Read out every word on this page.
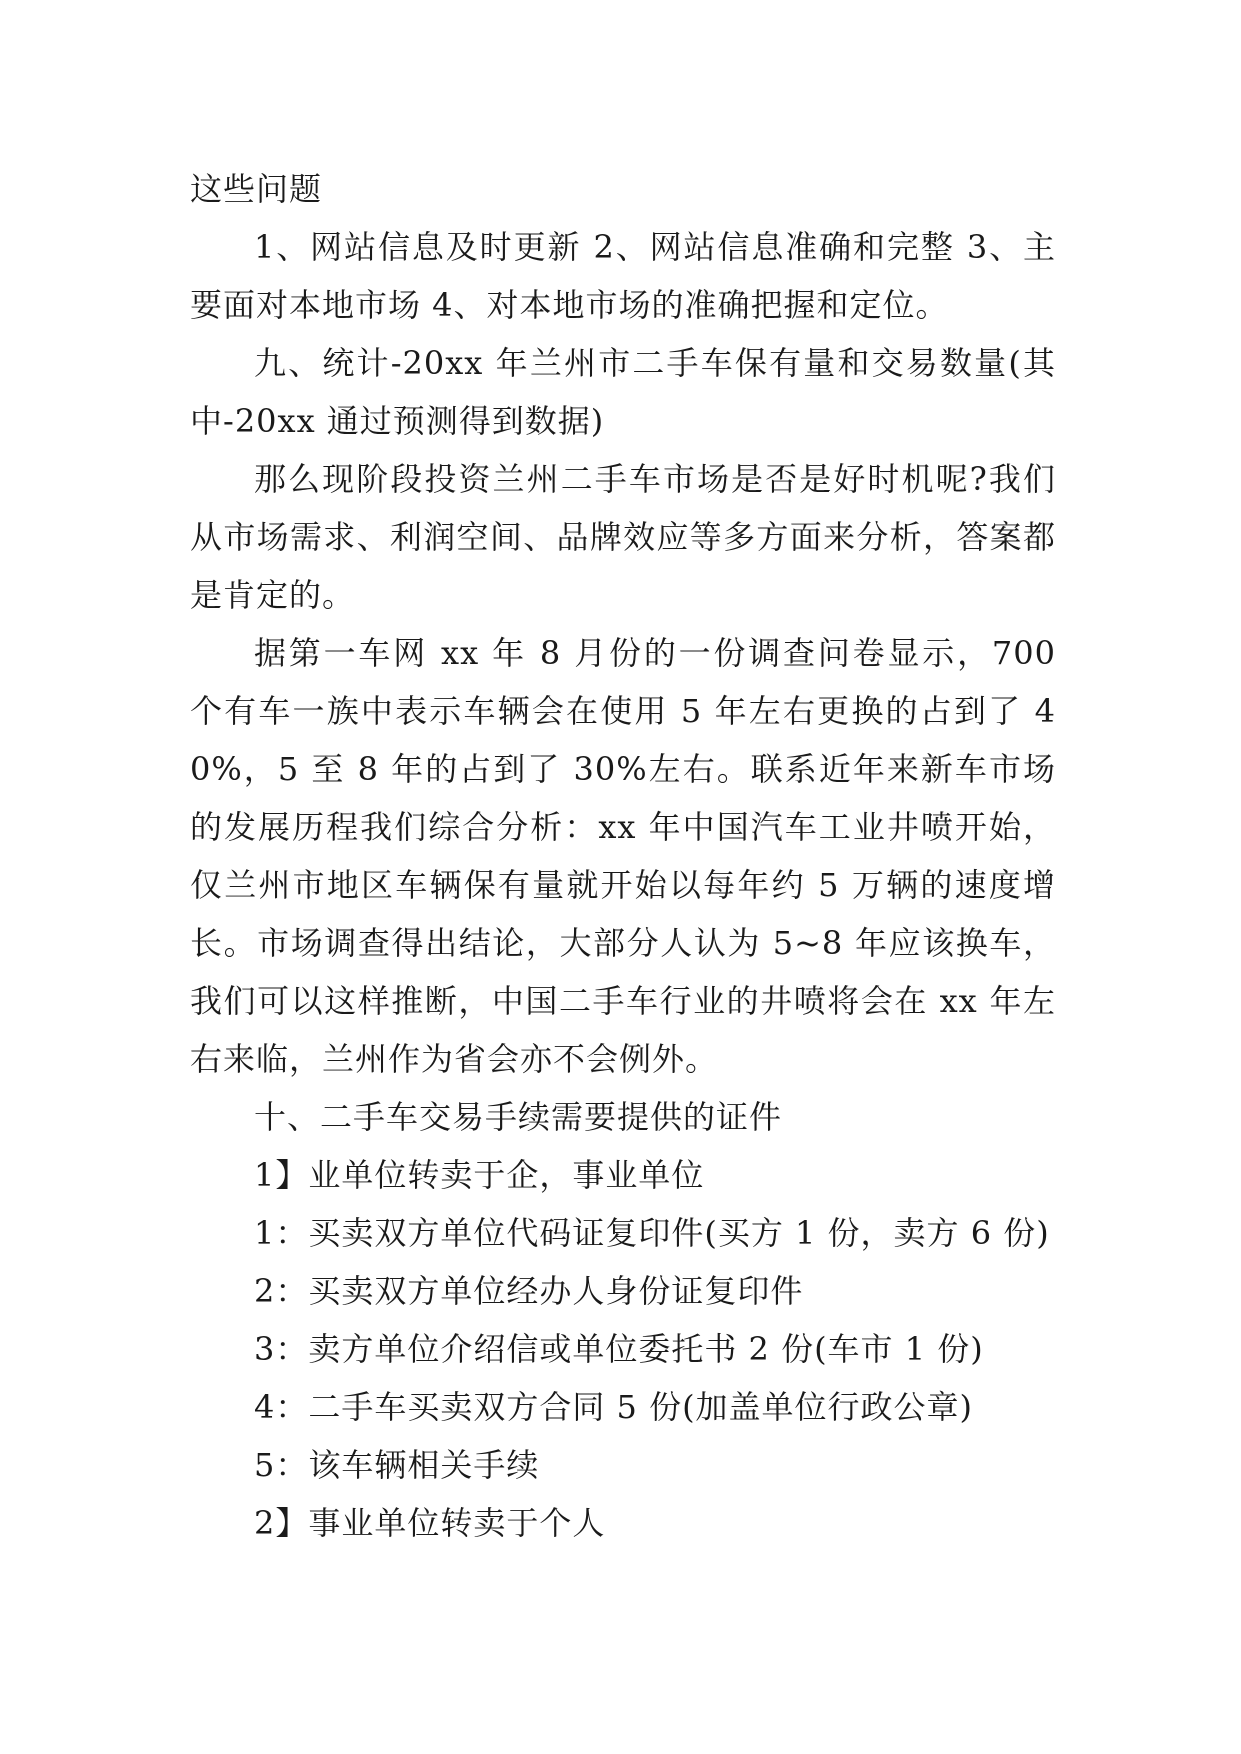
这些问题

1、网站信息及时更新 2、网站信息准确和完整 3、主要面对本地市场 4、对本地市场的准确把握和定位。

九、统计-20xx 年兰州市二手车保有量和交易数量(其中-20xx 通过预测得到数据)

那么现阶段投资兰州二手车市场是否是好时机呢?我们从市场需求、利润空间、品牌效应等多方面来分析，答案都是肯定的。

据第一车网 xx 年 8 月份的一份调查问卷显示，700 个有车一族中表示车辆会在使用 5 年左右更换的占到了 40%，5 至 8 年的占到了 30%左右。联系近年来新车市场的发展历程我们综合分析：xx 年中国汽车工业井喷开始，仅兰州市地区车辆保有量就开始以每年约 5 万辆的速度增长。市场调查得出结论，大部分人认为 5~8 年应该换车，我们可以这样推断，中国二手车行业的井喷将会在 xx 年左右来临，兰州作为省会亦不会例外。

十、二手车交易手续需要提供的证件

1】业单位转卖于企，事业单位

1：买卖双方单位代码证复印件(买方 1 份，卖方 6 份)

2：买卖双方单位经办人身份证复印件

3：卖方单位介绍信或单位委托书 2 份(车市 1 份)

4：二手车买卖双方合同 5 份(加盖单位行政公章)

5：该车辆相关手续

2】事业单位转卖于个人
